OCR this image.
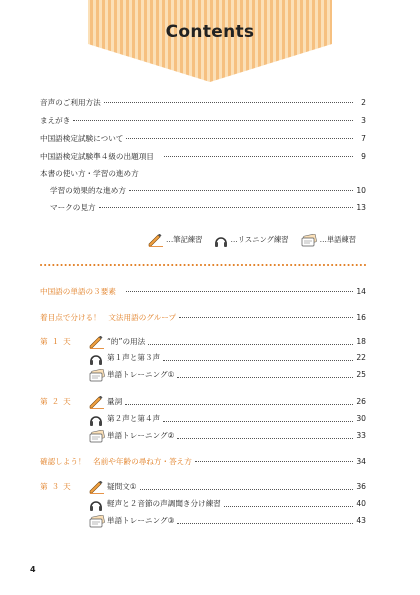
Contents
音声のご利用方法	2
まえがき	3
中国語検定試験について	7
中国語検定試験準４級の出題項目	9
本書の使い方・学習の進め方
学習の効果的な進め方	10
マークの見方	13
…筆記練習	…リスニング練習	…単語練習
中国語の単語の３要素	14
着目点で分ける！　文法用語のグループ	16
第１天	“的”の用法	18
第１声と第３声	22
単語トレーニング①	25
第２天	量詞	26
第２声と第４声	30
単語トレーニング②	33
確認しよう！　名前や年齢の尋ね方・答え方	34
第３天	疑問文①	36
軽声と２音節の声調聞き分け練習	40
単語トレーニング③	43
4
